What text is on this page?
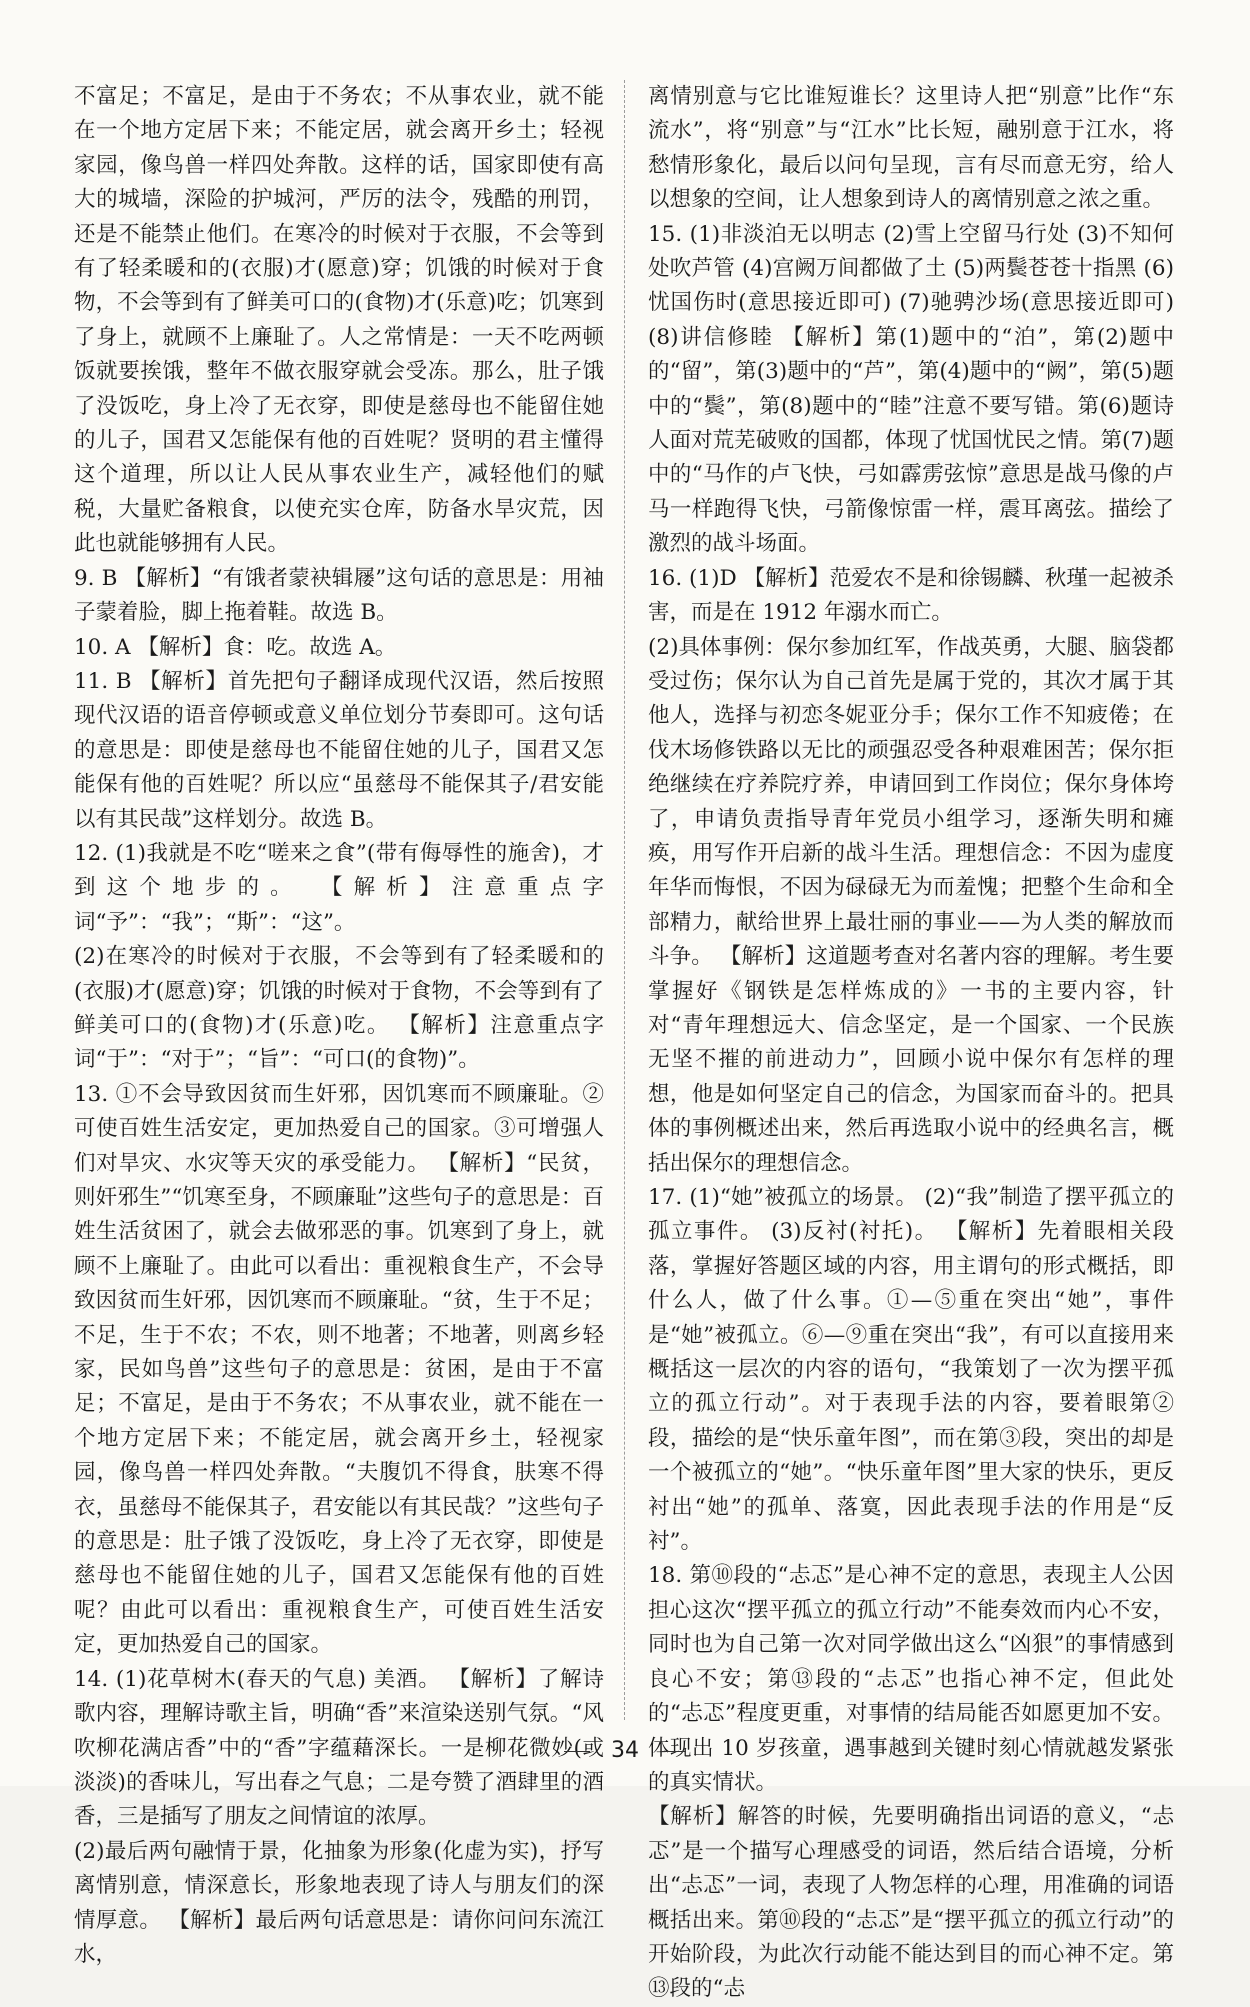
不富足；不富足，是由于不务农；不从事农业，就不能在一个地方定居下来；不能定居，就会离开乡土；轻视家园，像鸟兽一样四处奔散。这样的话，国家即使有高大的城墙，深险的护城河，严厉的法令，残酷的刑罚，还是不能禁止他们。在寒冷的时候对于衣服，不会等到有了轻柔暖和的(衣服)才(愿意)穿；饥饿的时候对于食物，不会等到有了鲜美可口的(食物)才(乐意)吃；饥寒到了身上，就顾不上廉耻了。人之常情是：一天不吃两顿饭就要挨饿，整年不做衣服穿就会受冻。那么，肚子饿了没饭吃，身上冷了无衣穿，即使是慈母也不能留住她的儿子，国君又怎能保有他的百姓呢？贤明的君主懂得这个道理，所以让人民从事农业生产，减轻他们的赋税，大量贮备粮食，以使充实仓库，防备水旱灾荒，因此也就能够拥有人民。

9. B 【解析】“有饿者蒙袂辑屦”这句话的意思是：用袖子蒙着脸，脚上拖着鞋。故选 B。

10. A 【解析】食：吃。故选 A。

11. B 【解析】首先把句子翻译成现代汉语，然后按照现代汉语的语音停顿或意义单位划分节奏即可。这句话的意思是：即使是慈母也不能留住她的儿子，国君又怎能保有他的百姓呢？所以应“虽慈母不能保其子/君安能以有其民哉”这样划分。故选 B。

12. (1)我就是不吃“嗟来之食”(带有侮辱性的施舍)，才到这个地步的。 【解析】注意重点字词“予”：“我”；“斯”：“这”。

(2)在寒冷的时候对于衣服，不会等到有了轻柔暖和的(衣服)才(愿意)穿；饥饿的时候对于食物，不会等到有了鲜美可口的(食物)才(乐意)吃。 【解析】注意重点字词“于”：“对于”；“旨”：“可口(的食物)”。

13. ①不会导致因贫而生奸邪，因饥寒而不顾廉耻。②可使百姓生活安定，更加热爱自己的国家。③可增强人们对旱灾、水灾等天灾的承受能力。 【解析】“民贫，则奸邪生”“饥寒至身，不顾廉耻”这些句子的意思是：百姓生活贫困了，就会去做邪恶的事。饥寒到了身上，就顾不上廉耻了。由此可以看出：重视粮食生产，不会导致因贫而生奸邪，因饥寒而不顾廉耻。“贫，生于不足；不足，生于不农；不农，则不地著；不地著，则离乡轻家，民如鸟兽”这些句子的意思是：贫困，是由于不富足；不富足，是由于不务农；不从事农业，就不能在一个地方定居下来；不能定居，就会离开乡土，轻视家园，像鸟兽一样四处奔散。“夫腹饥不得食，肤寒不得衣，虽慈母不能保其子，君安能以有其民哉？”这些句子的意思是：肚子饿了没饭吃，身上冷了无衣穿，即使是慈母也不能留住她的儿子，国君又怎能保有他的百姓呢？由此可以看出：重视粮食生产，可使百姓生活安定，更加热爱自己的国家。

14. (1)花草树木(春天的气息) 美酒。 【解析】了解诗歌内容，理解诗歌主旨，明确“香”来渲染送别气氛。“风吹柳花满店香”中的“香”字蕴藉深长。一是柳花微妙(或淡淡)的香味儿，写出春之气息；二是夸赞了酒肆里的酒香，三是插写了朋友之间情谊的浓厚。

(2)最后两句融情于景，化抽象为形象(化虚为实)，抒写离情别意，情深意长，形象地表现了诗人与朋友们的深情厚意。 【解析】最后两句话意思是：请你问问东流江水，

离情别意与它比谁短谁长？这里诗人把“别意”比作“东流水”，将“别意”与“江水”比长短，融别意于江水，将愁情形象化，最后以问句呈现，言有尽而意无穷，给人以想象的空间，让人想象到诗人的离情别意之浓之重。

15. (1)非淡泊无以明志 (2)雪上空留马行处 (3)不知何处吹芦管 (4)宫阙万间都做了土 (5)两鬓苍苍十指黑 (6)忧国伤时(意思接近即可) (7)驰骋沙场(意思接近即可) (8)讲信修睦 【解析】第(1)题中的“泊”，第(2)题中的“留”，第(3)题中的“芦”，第(4)题中的“阙”，第(5)题中的“鬓”，第(8)题中的“睦”注意不要写错。第(6)题诗人面对荒芜破败的国都，体现了忧国忧民之情。第(7)题中的“马作的卢飞快，弓如霹雳弦惊”意思是战马像的卢马一样跑得飞快，弓箭像惊雷一样，震耳离弦。描绘了激烈的战斗场面。

16. (1)D 【解析】范爱农不是和徐锡麟、秋瑾一起被杀害，而是在 1912 年溺水而亡。

(2)具体事例：保尔参加红军，作战英勇，大腿、脑袋都受过伤；保尔认为自己首先是属于党的，其次才属于其他人，选择与初恋冬妮亚分手；保尔工作不知疲倦；在伐木场修铁路以无比的顽强忍受各种艰难困苦；保尔拒绝继续在疗养院疗养，申请回到工作岗位；保尔身体垮了，申请负责指导青年党员小组学习，逐渐失明和瘫痪，用写作开启新的战斗生活。理想信念：不因为虚度年华而悔恨，不因为碌碌无为而羞愧；把整个生命和全部精力，献给世界上最壮丽的事业——为人类的解放而斗争。 【解析】这道题考查对名著内容的理解。考生要掌握好《钢铁是怎样炼成的》一书的主要内容，针对“青年理想远大、信念坚定，是一个国家、一个民族无坚不摧的前进动力”，回顾小说中保尔有怎样的理想，他是如何坚定自己的信念，为国家而奋斗的。把具体的事例概述出来，然后再选取小说中的经典名言，概括出保尔的理想信念。

17. (1)“她”被孤立的场景。 (2)“我”制造了摆平孤立的孤立事件。 (3)反衬(衬托)。 【解析】先着眼相关段落，掌握好答题区域的内容，用主谓句的形式概括，即什么人，做了什么事。①—⑤重在突出“她”，事件是“她”被孤立。⑥—⑨重在突出“我”，有可以直接用来概括这一层次的内容的语句，“我策划了一次为摆平孤立的孤立行动”。对于表现手法的内容，要着眼第②段，描绘的是“快乐童年图”，而在第③段，突出的却是一个被孤立的“她”。“快乐童年图”里大家的快乐，更反衬出“她”的孤单、落寞，因此表现手法的作用是“反衬”。

18. 第⑩段的“忐忑”是心神不定的意思，表现主人公因担心这次“摆平孤立的孤立行动”不能奏效而内心不安，同时也为自己第一次对同学做出这么“凶狠”的事情感到良心不安；第⑬段的“忐忑”也指心神不定，但此处的“忐忑”程度更重，对事情的结局能否如愿更加不安。体现出 10 岁孩童，遇事越到关键时刻心情就越发紧张的真实情状。

【解析】解答的时候，先要明确指出词语的意义，“忐忑”是一个描写心理感受的词语，然后结合语境，分析出“忐忑”一词，表现了人物怎样的心理，用准确的词语概括出来。第⑩段的“忐忑”是“摆平孤立的孤立行动”的开始阶段，为此次行动能不能达到目的而心神不定。第⑬段的“忐

34
